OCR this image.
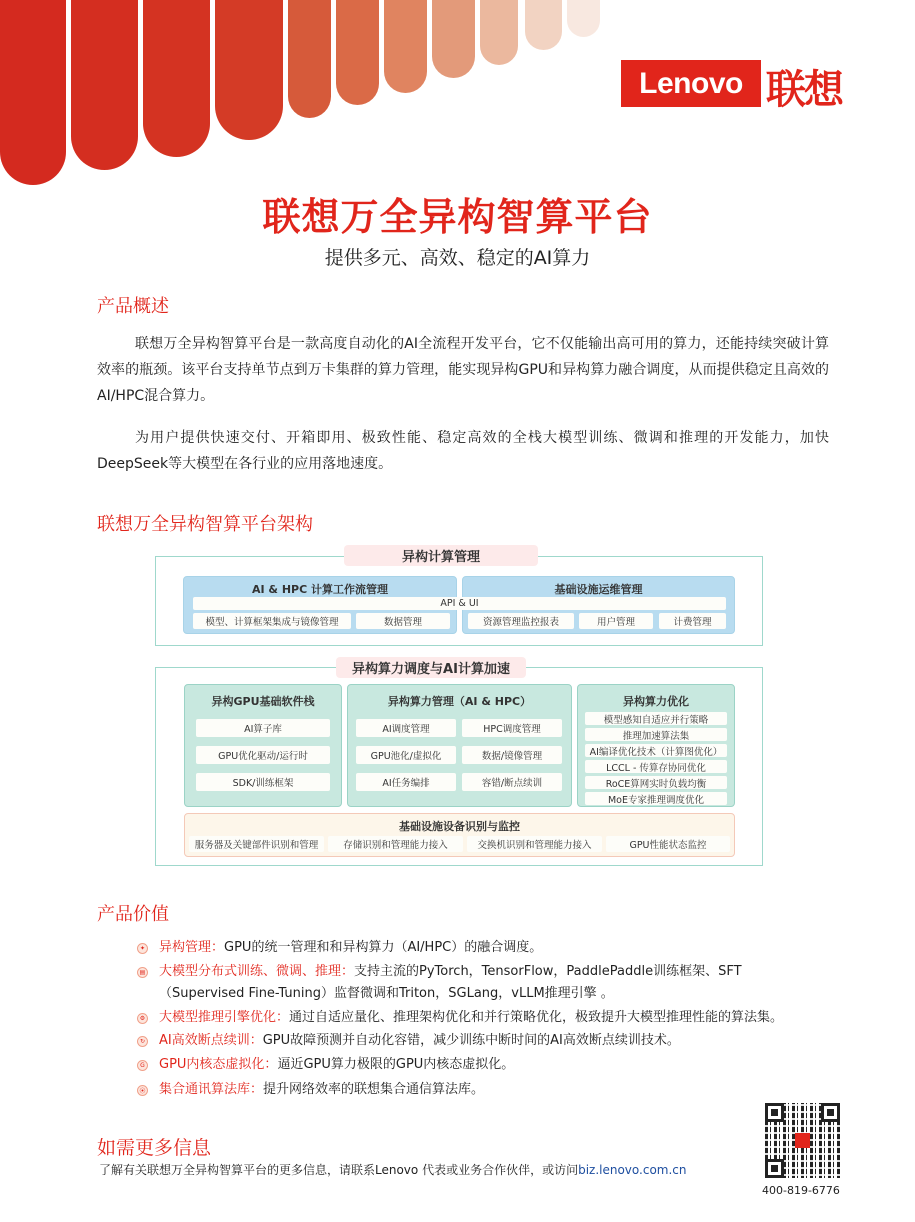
Lenovo 联想
联想万全异构智算平台
提供多元、高效、稳定的AI算力
产品概述

联想万全异构智算平台是一款高度自动化的AI全流程开发平台，它不仅能输出高可用的算力，还能持续突破计算效率的瓶颈。该平台支持单节点到万卡集群的算力管理，能实现异构GPU和异构算力融合调度，从而提供稳定且高效的AI/HPC混合算力。

为用户提供快速交付、开箱即用、极致性能、稳定高效的全栈大模型训练、微调和推理的开发能力，加快DeepSeek等大模型在各行业的应用落地速度。

联想万全异构智算平台架构
异构计算管理
AI & HPC 计算工作流管理	基础设施运维管理
API & UI
模型、计算框架集成与镜像管理	数据管理	资源管理监控报表	用户管理	计费管理
异构算力调度与AI计算加速
异构GPU基础软件栈
AI算子库
GPU优化驱动/运行时
SDK/训练框架
异构算力管理（AI & HPC）
AI调度管理	HPC调度管理
GPU池化/虚拟化	数据/镜像管理
AI任务编排	容错/断点续训
异构算力优化
模型感知自适应并行策略
推理加速算法集
AI编译优化技术（计算图优化）
LCCL - 传算存协同优化
RoCE算网实时负载均衡
MoE专家推理调度优化
基础设施设备识别与监控
服务器及关键部件识别和管理	存储识别和管理能力接入	交换机识别和管理能力接入	GPU性能状态监控
产品价值
✦ 异构管理：GPU的统一管理和和异构算力（AI/HPC）的融合调度。
▤ 大模型分布式训练、微调、推理：支持主流的PyTorch，TensorFlow，PaddlePaddle训练框架、SFT（Supervised Fine-Tuning）监督微调和Triton，SGLang，vLLM推理引擎 。
⚙ 大模型推理引擎优化：通过自适应量化、推理架构优化和并行策略优化，极致提升大模型推理性能的算法集。
↻ AI高效断点续训：GPU故障预测并自动化容错，减少训练中断时间的AI高效断点续训技术。
G GPU内核态虚拟化：逼近GPU算力极限的GPU内核态虚拟化。
⦿ 集合通讯算法库：提升网络效率的联想集合通信算法库。
如需更多信息
了解有关联想万全异构智算平台的更多信息，请联系Lenovo 代表或业务合作伙伴，或访问biz.lenovo.com.cn
400-819-6776
